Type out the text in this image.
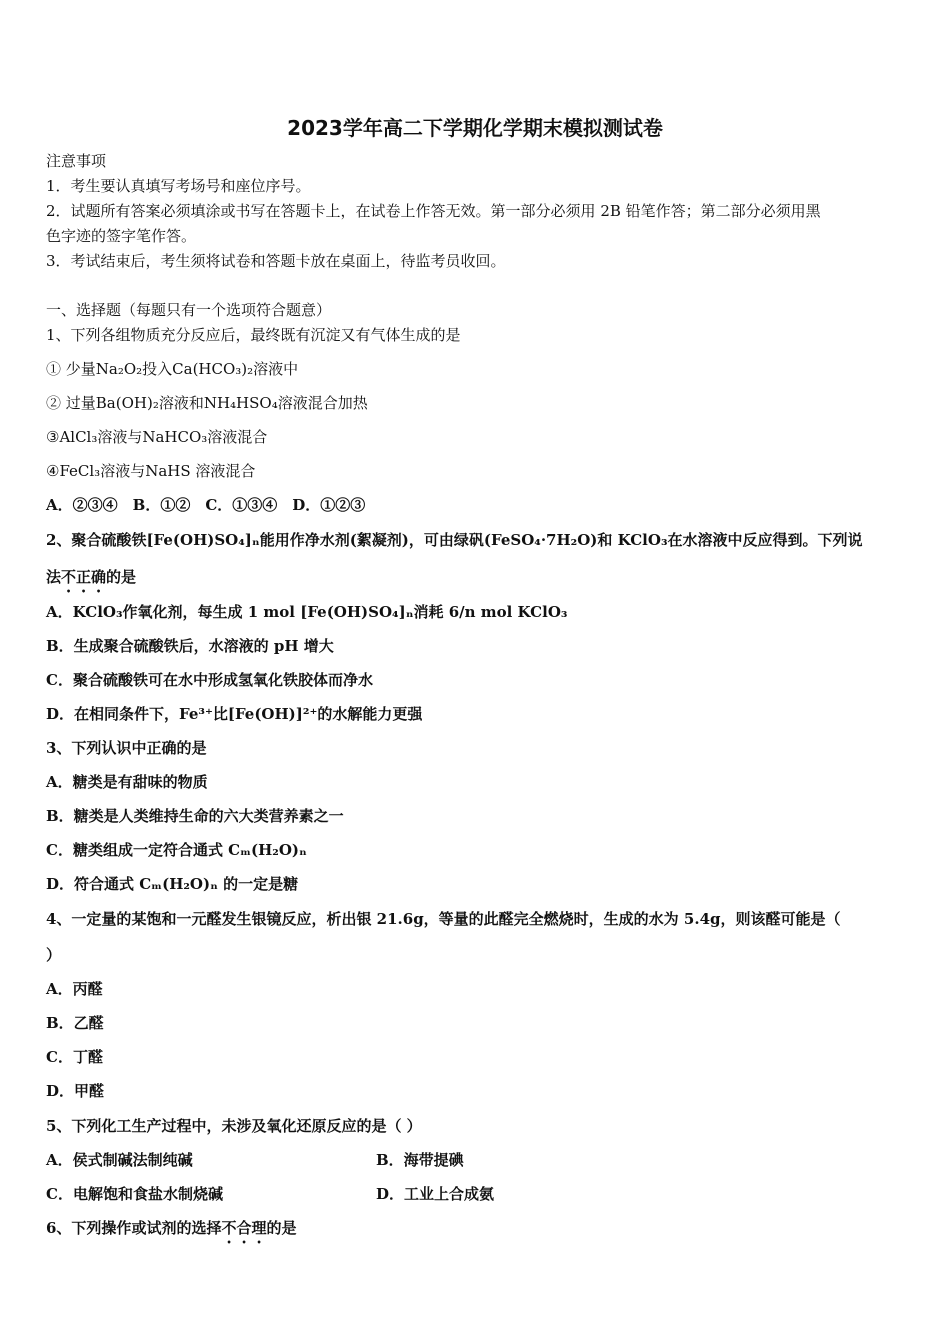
2023学年高二下学期化学期末模拟测试卷
注意事项
1．考生要认真填写考场号和座位序号。
2．试题所有答案必须填涂或书写在答题卡上，在试卷上作答无效。第一部分必须用 2B 铅笔作答；第二部分必须用黑
色字迹的签字笔作答。
3．考试结束后，考生须将试卷和答题卡放在桌面上，待监考员收回。
一、选择题（每题只有一个选项符合题意）
1、下列各组物质充分反应后，最终既有沉淀又有气体生成的是
① 少量Na₂O₂投入Ca(HCO₃)₂溶液中
② 过量Ba(OH)₂溶液和NH₄HSO₄溶液混合加热
③AlCl₃溶液与NaHCO₃溶液混合
④FeCl₃溶液与NaHS 溶液混合
A．②③④　B．①②　C．①③④　D．①②③
2、聚合硫酸铁[Fe(OH)SO₄]ₙ能用作净水剂(絮凝剂)，可由绿矾(FeSO₄·7H₂O)和 KClO₃在水溶液中反应得到。下列说
法不正确的是
A．KClO₃作氧化剂，每生成 1 mol [Fe(OH)SO₄]ₙ消耗 6/n mol KClO₃
B．生成聚合硫酸铁后，水溶液的 pH 增大
C．聚合硫酸铁可在水中形成氢氧化铁胶体而净水
D．在相同条件下，Fe³⁺比[Fe(OH)]²⁺的水解能力更强
3、下列认识中正确的是
A．糖类是有甜味的物质
B．糖类是人类维持生命的六大类营养素之一
C．糖类组成一定符合通式 Cₘ(H₂O)ₙ
D．符合通式 Cₘ(H₂O)ₙ 的一定是糖
4、一定量的某饱和一元醛发生银镜反应，析出银 21.6g，等量的此醛完全燃烧时，生成的水为 5.4g，则该醛可能是（
）
A．丙醛
B．乙醛
C．丁醛
D．甲醛
5、下列化工生产过程中，未涉及氧化还原反应的是（ ）
A．侯式制碱法制纯碱	B．海带提碘
C．电解饱和食盐水制烧碱	D．工业上合成氨
6、下列操作或试剂的选择不合理的是
